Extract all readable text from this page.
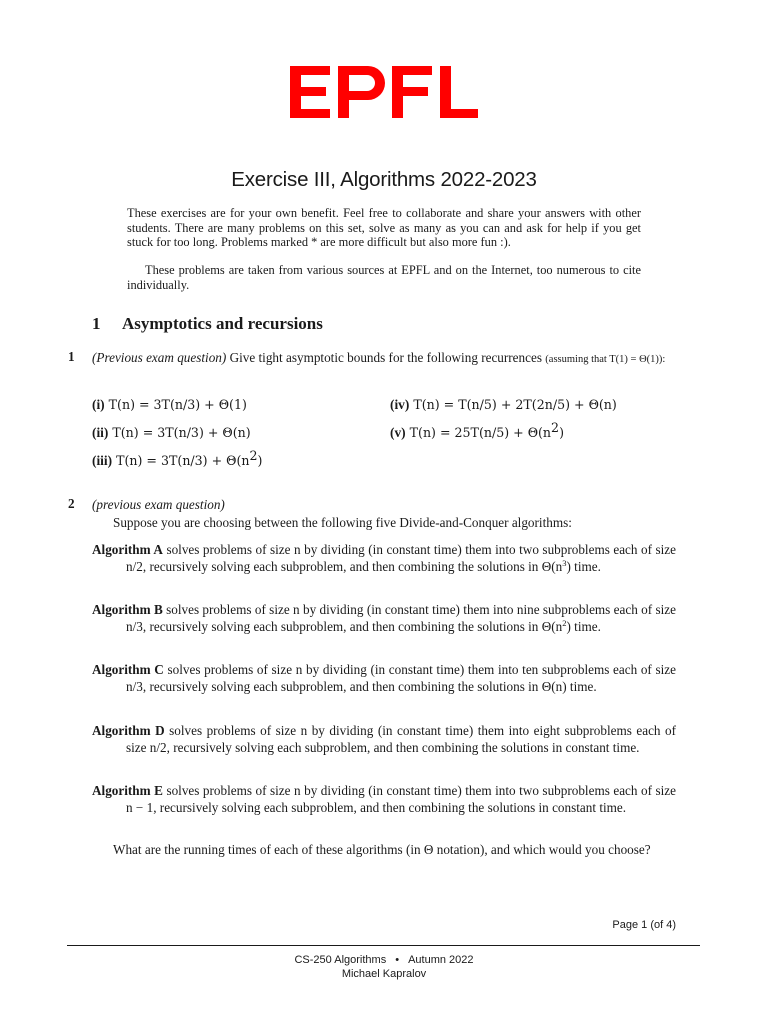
Exercise III, Algorithms 2022-2023
These exercises are for your own benefit. Feel free to collaborate and share your answers with other students. There are many problems on this set, solve as many as you can and ask for help if you get stuck for too long. Problems marked * are more difficult but also more fun :).
These problems are taken from various sources at EPFL and on the Internet, too numerous to cite individually.
1 Asymptotics and recursions
1 (Previous exam question) Give tight asymptotic bounds for the following recurrences (assuming that T(1) = Θ(1)):
(i) T(n) = 3T(n/3) + Θ(1)
(ii) T(n) = 3T(n/3) + Θ(n)
(iii) $T(n) = 3T(n/3) + \Theta(n^2)$
(iv) T(n) = T(n/5) + 2T(2n/5) + Θ(n)
(v) $T(n) = 25T(n/5) + \Theta(n^2)$
2 (previous exam question)
Suppose you are choosing between the following five Divide-and-Conquer algorithms:
Algorithm A solves problems of size n by dividing (in constant time) them into two subproblems each of size n/2, recursively solving each subproblem, and then combining the solutions in $\Theta(n^3)$ time.
Algorithm B solves problems of size n by dividing (in constant time) them into nine subproblems each of size n/3, recursively solving each subproblem, and then combining the solutions in $\Theta(n^2)$ time.
Algorithm C solves problems of size n by dividing (in constant time) them into ten subproblems each of size n/3, recursively solving each subproblem, and then combining the solutions in Θ(n) time.
Algorithm D solves problems of size n by dividing (in constant time) them into eight subproblems each of size n/2, recursively solving each subproblem, and then combining the solutions in constant time.
Algorithm E solves problems of size n by dividing (in constant time) them into two subproblems each of size n − 1, recursively solving each subproblem, and then combining the solutions in constant time.
What are the running times of each of these algorithms (in Θ notation), and which would you choose?
Page 1 (of 4)
CS-250 Algorithms • Autumn 2022
Michael Kapralov
